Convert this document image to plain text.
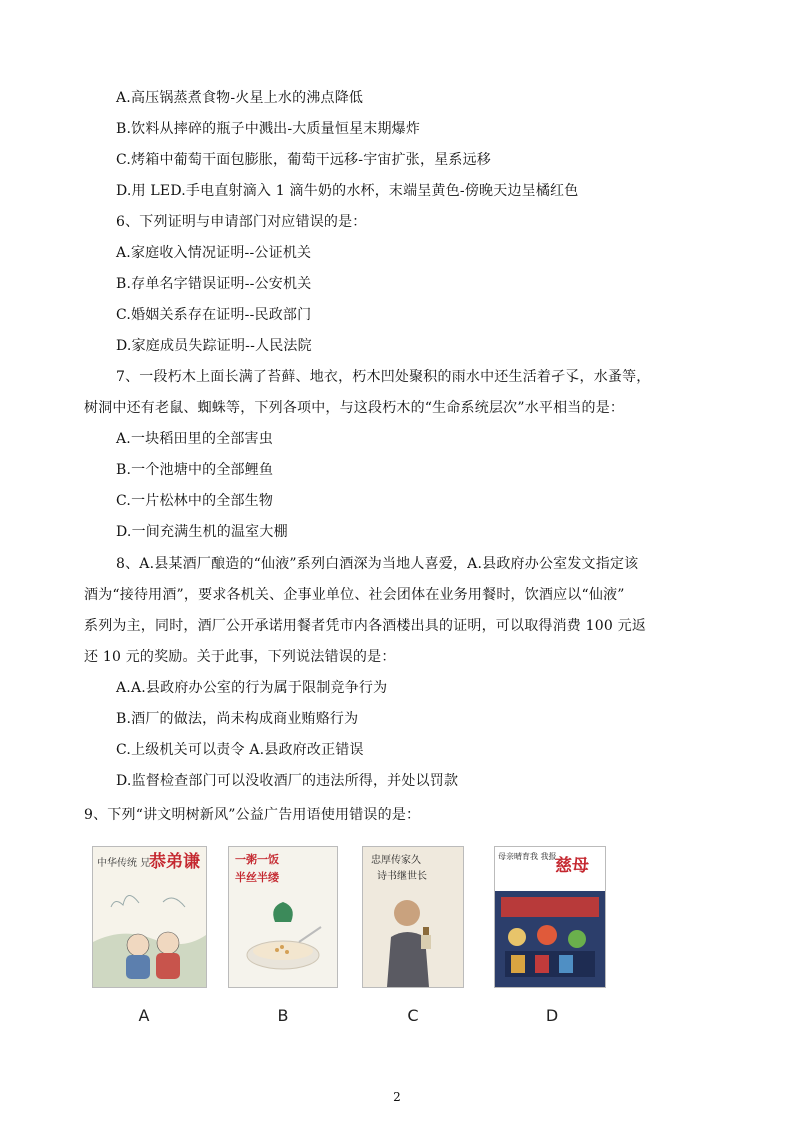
A.高压锅蒸煮食物-火星上水的沸点降低
B.饮料从摔碎的瓶子中溅出-大质量恒星末期爆炸
C.烤箱中葡萄干面包膨胀，葡萄干远移-宇宙扩张，星系远移
D.用 LED.手电直射滴入 1 滴牛奶的水杯，末端呈黄色-傍晚天边呈橘红色
6、下列证明与申请部门对应错误的是：
A.家庭收入情况证明--公证机关
B.存单名字错误证明--公安机关
C.婚姻关系存在证明--民政部门
D.家庭成员失踪证明--人民法院
7、一段朽木上面长满了苔藓、地衣，朽木凹处聚积的雨水中还生活着孑孓，水蚤等，
树洞中还有老鼠、蜘蛛等，下列各项中，与这段朽木的“生命系统层次”水平相当的是：
A.一块稻田里的全部害虫
B.一个池塘中的全部鲤鱼
C.一片松林中的全部生物
D.一间充满生机的温室大棚
8、A.县某酒厂酿造的“仙液”系列白酒深为当地人喜爱，A.县政府办公室发文指定该
酒为“接待用酒”，要求各机关、企事业单位、社会团体在业务用餐时，饮酒应以“仙液”
系列为主，同时，酒厂公开承诺用餐者凭市内各酒楼出具的证明，可以取得消费 100 元返
还 10 元的奖励。关于此事，下列说法错误的是：
A.A.县政府办公室的行为属于限制竞争行为
B.酒厂的做法，尚未构成商业贿赂行为
C.上级机关可以责令 A.县政府改正错误
D.监督检查部门可以没收酒厂的违法所得，并处以罚款
9、下列“讲文明树新风”公益广告用语使用错误的是：
中华传统 兄
恭弟谦	一粥一饭
半丝半缕
忠厚传家久
诗书继世长
母亲晴育我 我报
慈母
A	B	C	D
2
